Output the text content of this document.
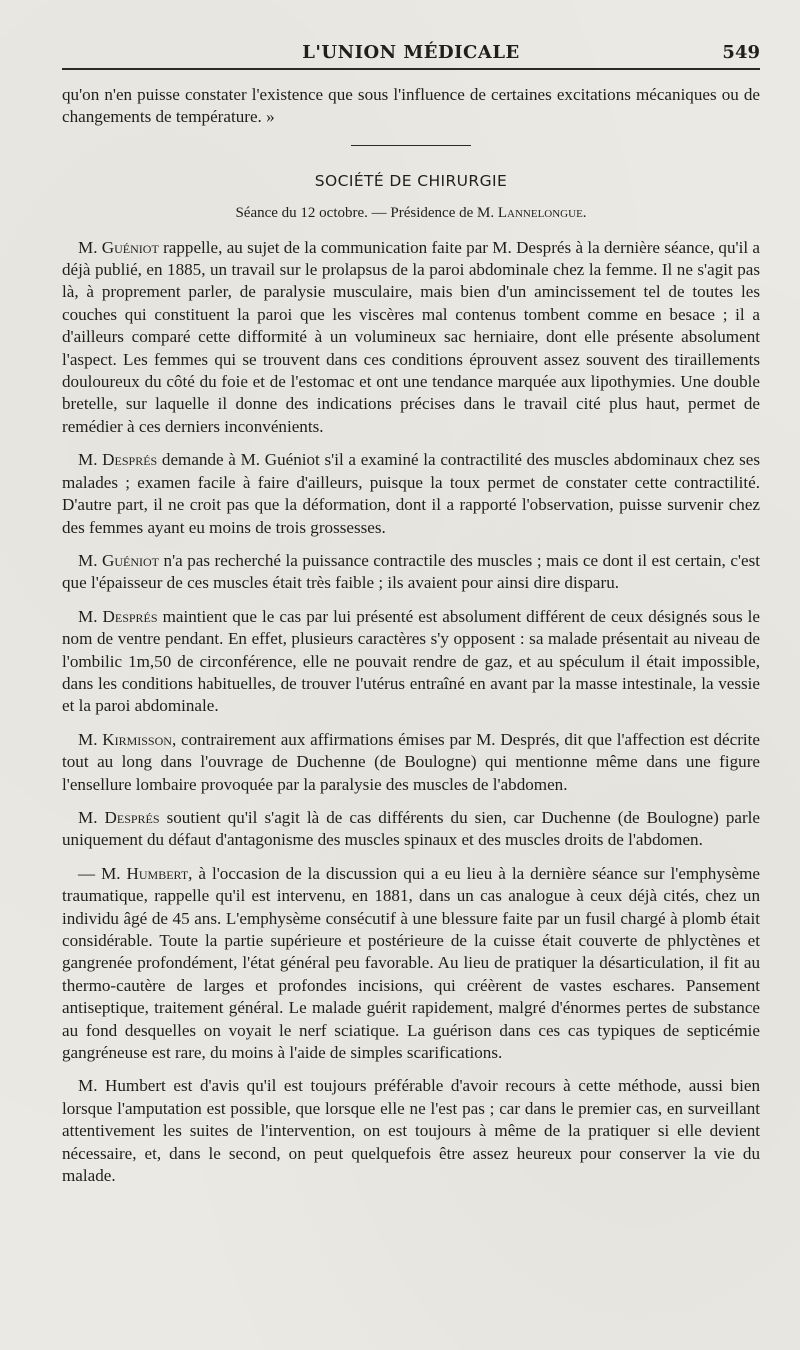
L'UNION MÉDICALE	549

qu'on n'en puisse constater l'existence que sous l'influence de certaines excitations mécaniques ou de changements de température. »

SOCIÉTÉ DE CHIRURGIE
Séance du 12 octobre. — Présidence de M. Lannelongue.

M. Guéniot rappelle, au sujet de la communication faite par M. Després à la dernière séance, qu'il a déjà publié, en 1885, un travail sur le prolapsus de la paroi abdominale chez la femme. Il ne s'agit pas là, à proprement parler, de paralysie musculaire, mais bien d'un amincissement tel de toutes les couches qui constituent la paroi que les viscères mal contenus tombent comme en besace ; il a d'ailleurs comparé cette difformité à un volumineux sac herniaire, dont elle présente absolument l'aspect. Les femmes qui se trouvent dans ces conditions éprouvent assez souvent des tiraillements douloureux du côté du foie et de l'estomac et ont une tendance marquée aux lipothymies. Une double bretelle, sur laquelle il donne des indications précises dans le travail cité plus haut, permet de remédier à ces derniers inconvénients.

M. Després demande à M. Guéniot s'il a examiné la contractilité des muscles abdominaux chez ses malades ; examen facile à faire d'ailleurs, puisque la toux permet de constater cette contractilité. D'autre part, il ne croit pas que la déformation, dont il a rapporté l'observation, puisse survenir chez des femmes ayant eu moins de trois grossesses.

M. Guéniot n'a pas recherché la puissance contractile des muscles ; mais ce dont il est certain, c'est que l'épaisseur de ces muscles était très faible ; ils avaient pour ainsi dire disparu.

M. Després maintient que le cas par lui présenté est absolument différent de ceux désignés sous le nom de ventre pendant. En effet, plusieurs caractères s'y opposent : sa malade présentait au niveau de l'ombilic 1m,50 de circonférence, elle ne pouvait rendre de gaz, et au spéculum il était impossible, dans les conditions habituelles, de trouver l'utérus entraîné en avant par la masse intestinale, la vessie et la paroi abdominale.

M. Kirmisson, contrairement aux affirmations émises par M. Després, dit que l'affection est décrite tout au long dans l'ouvrage de Duchenne (de Boulogne) qui mentionne même dans une figure l'ensellure lombaire provoquée par la paralysie des muscles de l'abdomen.

M. Després soutient qu'il s'agit là de cas différents du sien, car Duchenne (de Boulogne) parle uniquement du défaut d'antagonisme des muscles spinaux et des muscles droits de l'abdomen.

— M. Humbert, à l'occasion de la discussion qui a eu lieu à la dernière séance sur l'emphysème traumatique, rappelle qu'il est intervenu, en 1881, dans un cas analogue à ceux déjà cités, chez un individu âgé de 45 ans. L'emphysème consécutif à une blessure faite par un fusil chargé à plomb était considérable. Toute la partie supérieure et postérieure de la cuisse était couverte de phlyctènes et gangrenée profondément, l'état général peu favorable. Au lieu de pratiquer la désarticulation, il fit au thermo-cautère de larges et profondes incisions, qui créèrent de vastes eschares. Pansement antiseptique, traitement général. Le malade guérit rapidement, malgré d'énormes pertes de substance au fond desquelles on voyait le nerf sciatique. La guérison dans ces cas typiques de septicémie gangréneuse est rare, du moins à l'aide de simples scarifications.

M. Humbert est d'avis qu'il est toujours préférable d'avoir recours à cette méthode, aussi bien lorsque l'amputation est possible, que lorsque elle ne l'est pas ; car dans le premier cas, en surveillant attentivement les suites de l'intervention, on est toujours à même de la pratiquer si elle devient nécessaire, et, dans le second, on peut quelquefois être assez heureux pour conserver la vie du malade.
